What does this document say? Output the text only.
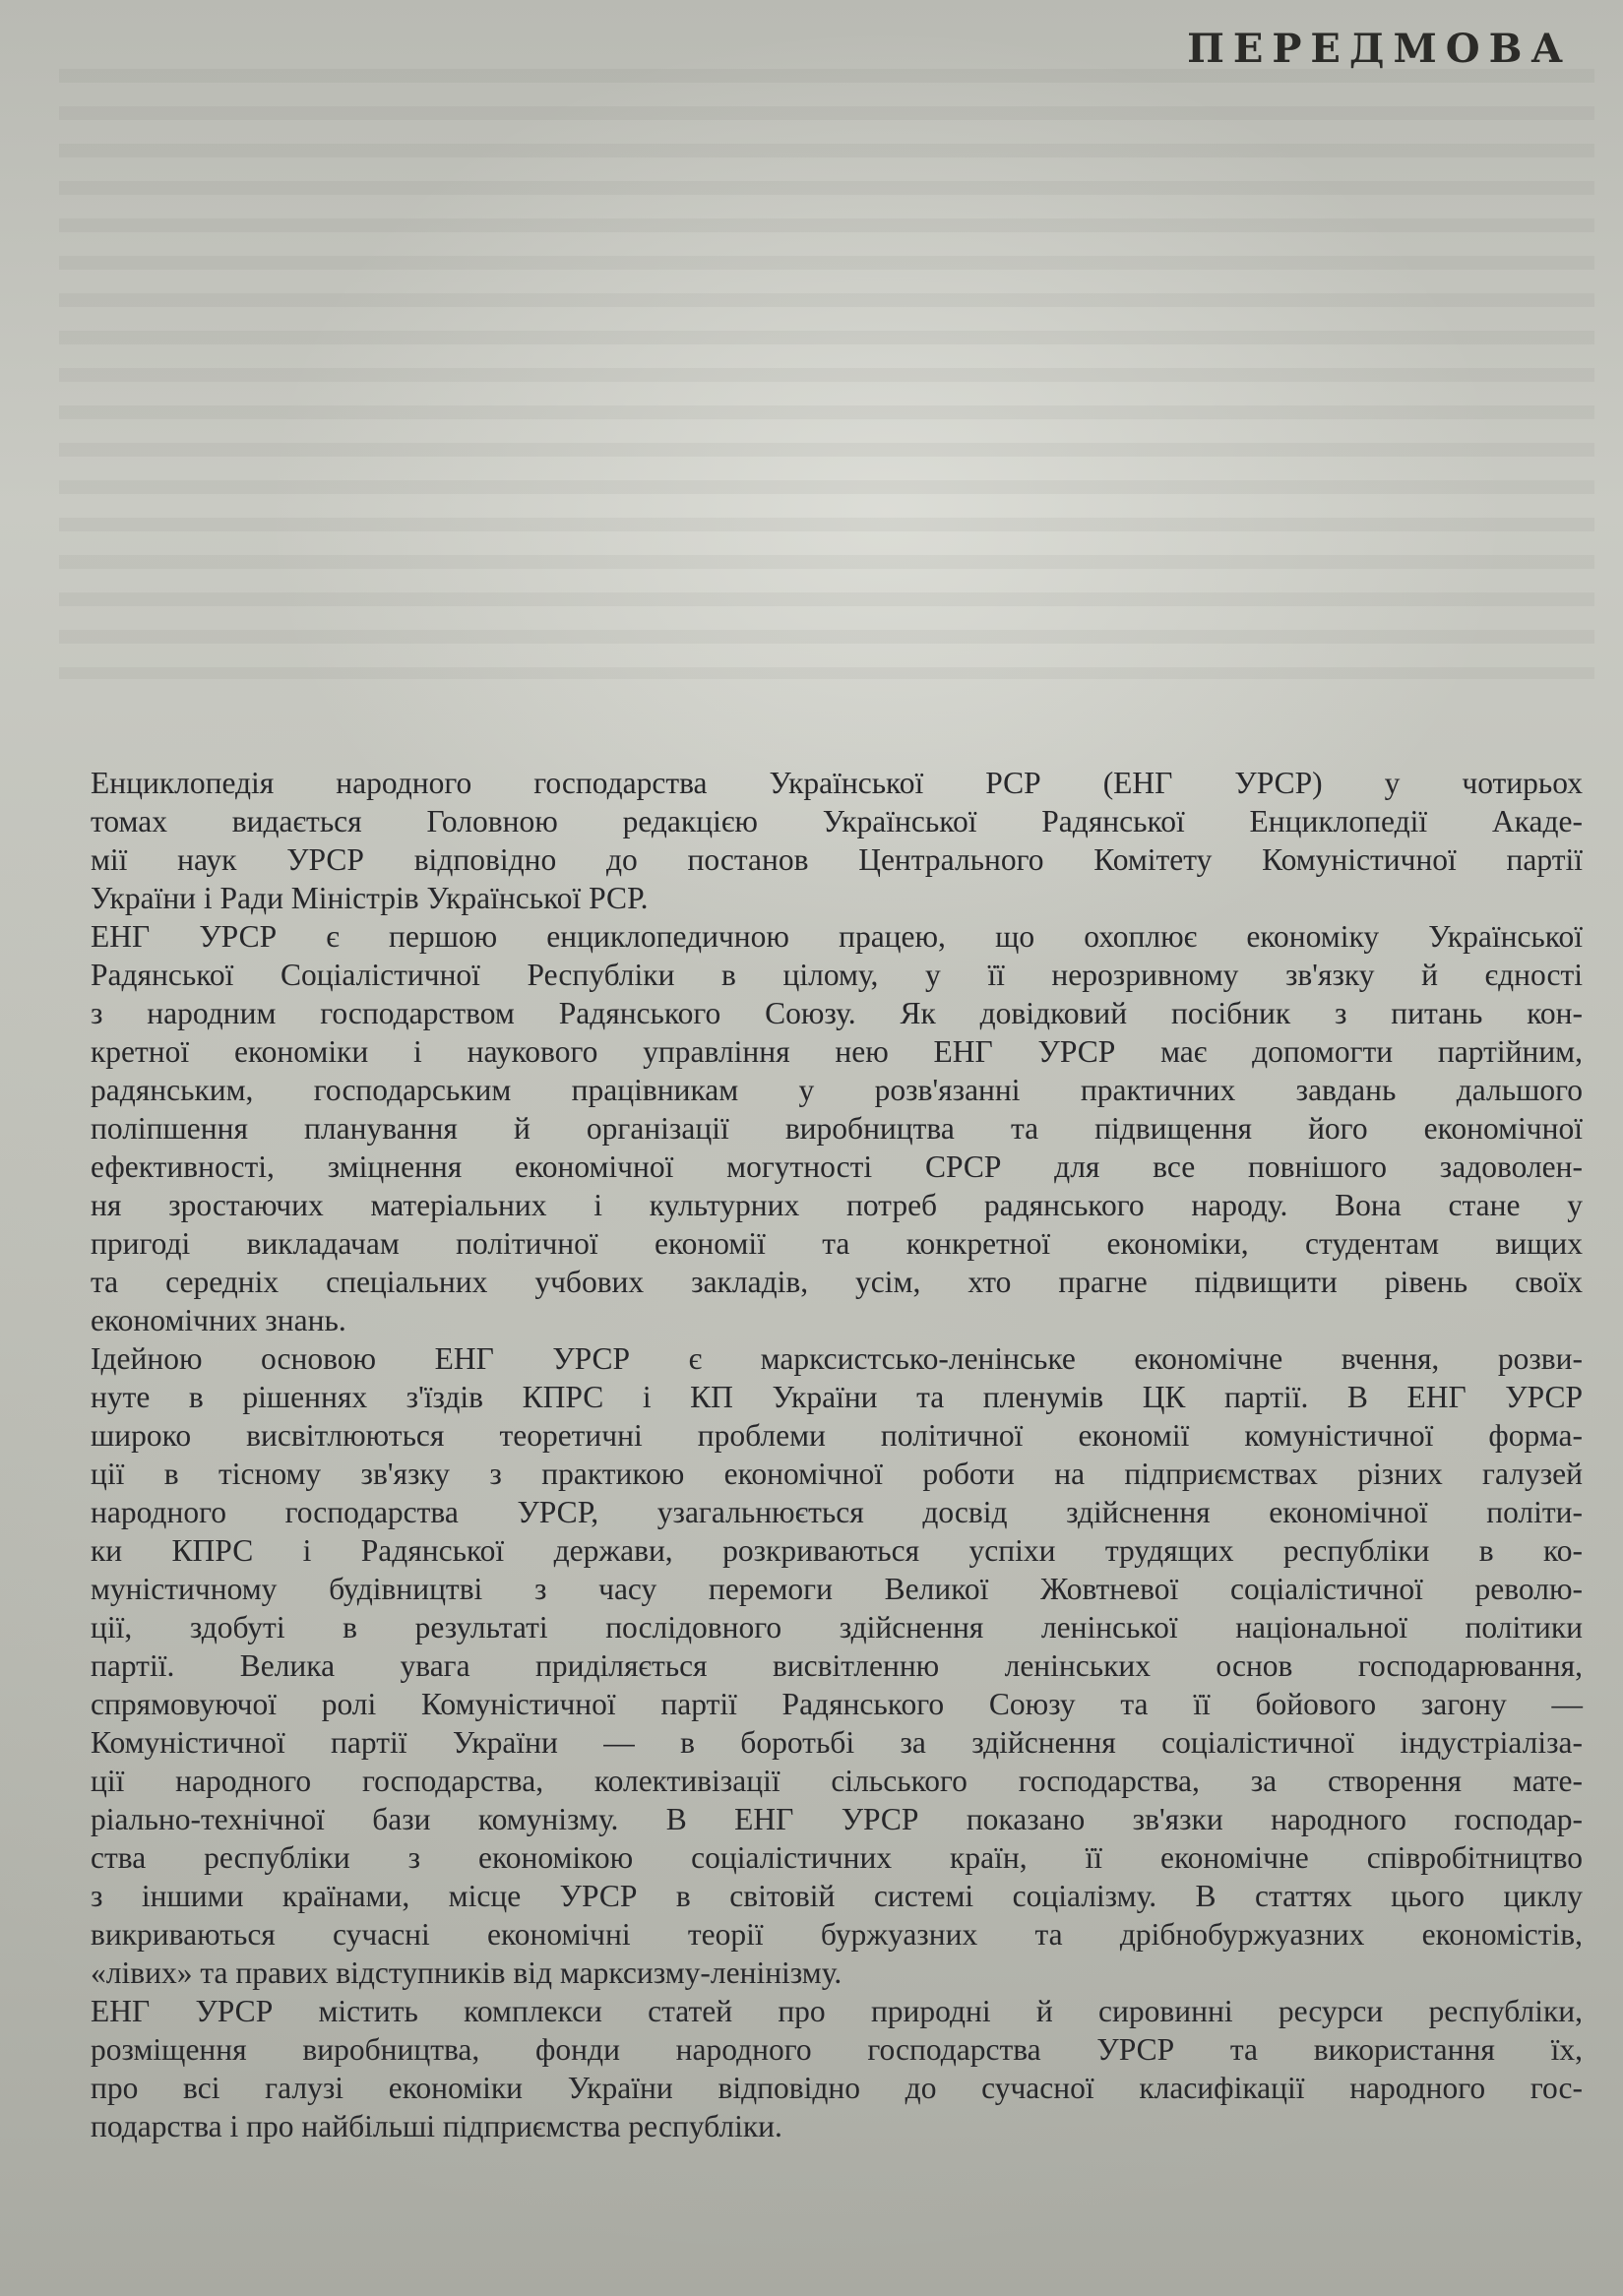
ПЕРЕДМОВА

Енциклопедія народного господарства Української РСР (ЕНГ УРСР) у чотирьох

томах видається Головною редакцією Української Радянської Енциклопедії Акаде-

мії наук УРСР відповідно до постанов Центрального Комітету Комуністичної партії

України і Ради Міністрів Української РСР.

ЕНГ УРСР є першою енциклопедичною працею, що охоплює економіку Української

Радянської Соціалістичної Республіки в цілому, у її нерозривному зв'язку й єдності

з народним господарством Радянського Союзу. Як довідковий посібник з питань кон-

кретної економіки і наукового управління нею ЕНГ УРСР має допомогти партійним,

радянським, господарським працівникам у розв'язанні практичних завдань дальшого

поліпшення планування й організації виробництва та підвищення його економічної

ефективності, зміцнення економічної могутності СРСР для все повнішого задоволен-

ня зростаючих матеріальних і культурних потреб радянського народу. Вона стане у

пригоді викладачам політичної економії та конкретної економіки, студентам вищих

та середніх спеціальних учбових закладів, усім, хто прагне підвищити рівень своїх

економічних знань.

Ідейною основою ЕНГ УРСР є марксистсько-ленінське економічне вчення, розви-

нуте в рішеннях з'їздів КПРС і КП України та пленумів ЦК партії. В ЕНГ УРСР

широко висвітлюються теоретичні проблеми політичної економії комуністичної форма-

ції в тісному зв'язку з практикою економічної роботи на підприємствах різних галузей

народного господарства УРСР, узагальнюється досвід здійснення економічної політи-

ки КПРС і Радянської держави, розкриваються успіхи трудящих республіки в ко-

муністичному будівництві з часу перемоги Великої Жовтневої соціалістичної револю-

ції, здобуті в результаті послідовного здійснення ленінської національної політики

партії. Велика увага приділяється висвітленню ленінських основ господарювання,

спрямовуючої ролі Комуністичної партії Радянського Союзу та її бойового загону —

Комуністичної партії України — в боротьбі за здійснення соціалістичної індустріаліза-

ції народного господарства, колективізації сільського господарства, за створення мате-

ріально-технічної бази комунізму. В ЕНГ УРСР показано зв'язки народного господар-

ства республіки з економікою соціалістичних країн, її економічне співробітництво

з іншими країнами, місце УРСР в світовій системі соціалізму. В статтях цього циклу

викриваються сучасні економічні теорії буржуазних та дрібнобуржуазних економістів,

«лівих» та правих відступників від марксизму-ленінізму.

ЕНГ УРСР містить комплекси статей про природні й сировинні ресурси республіки,

розміщення виробництва, фонди народного господарства УРСР та використання їх,

про всі галузі економіки України відповідно до сучасної класифікації народного гос-

подарства і про найбільші підприємства республіки.
